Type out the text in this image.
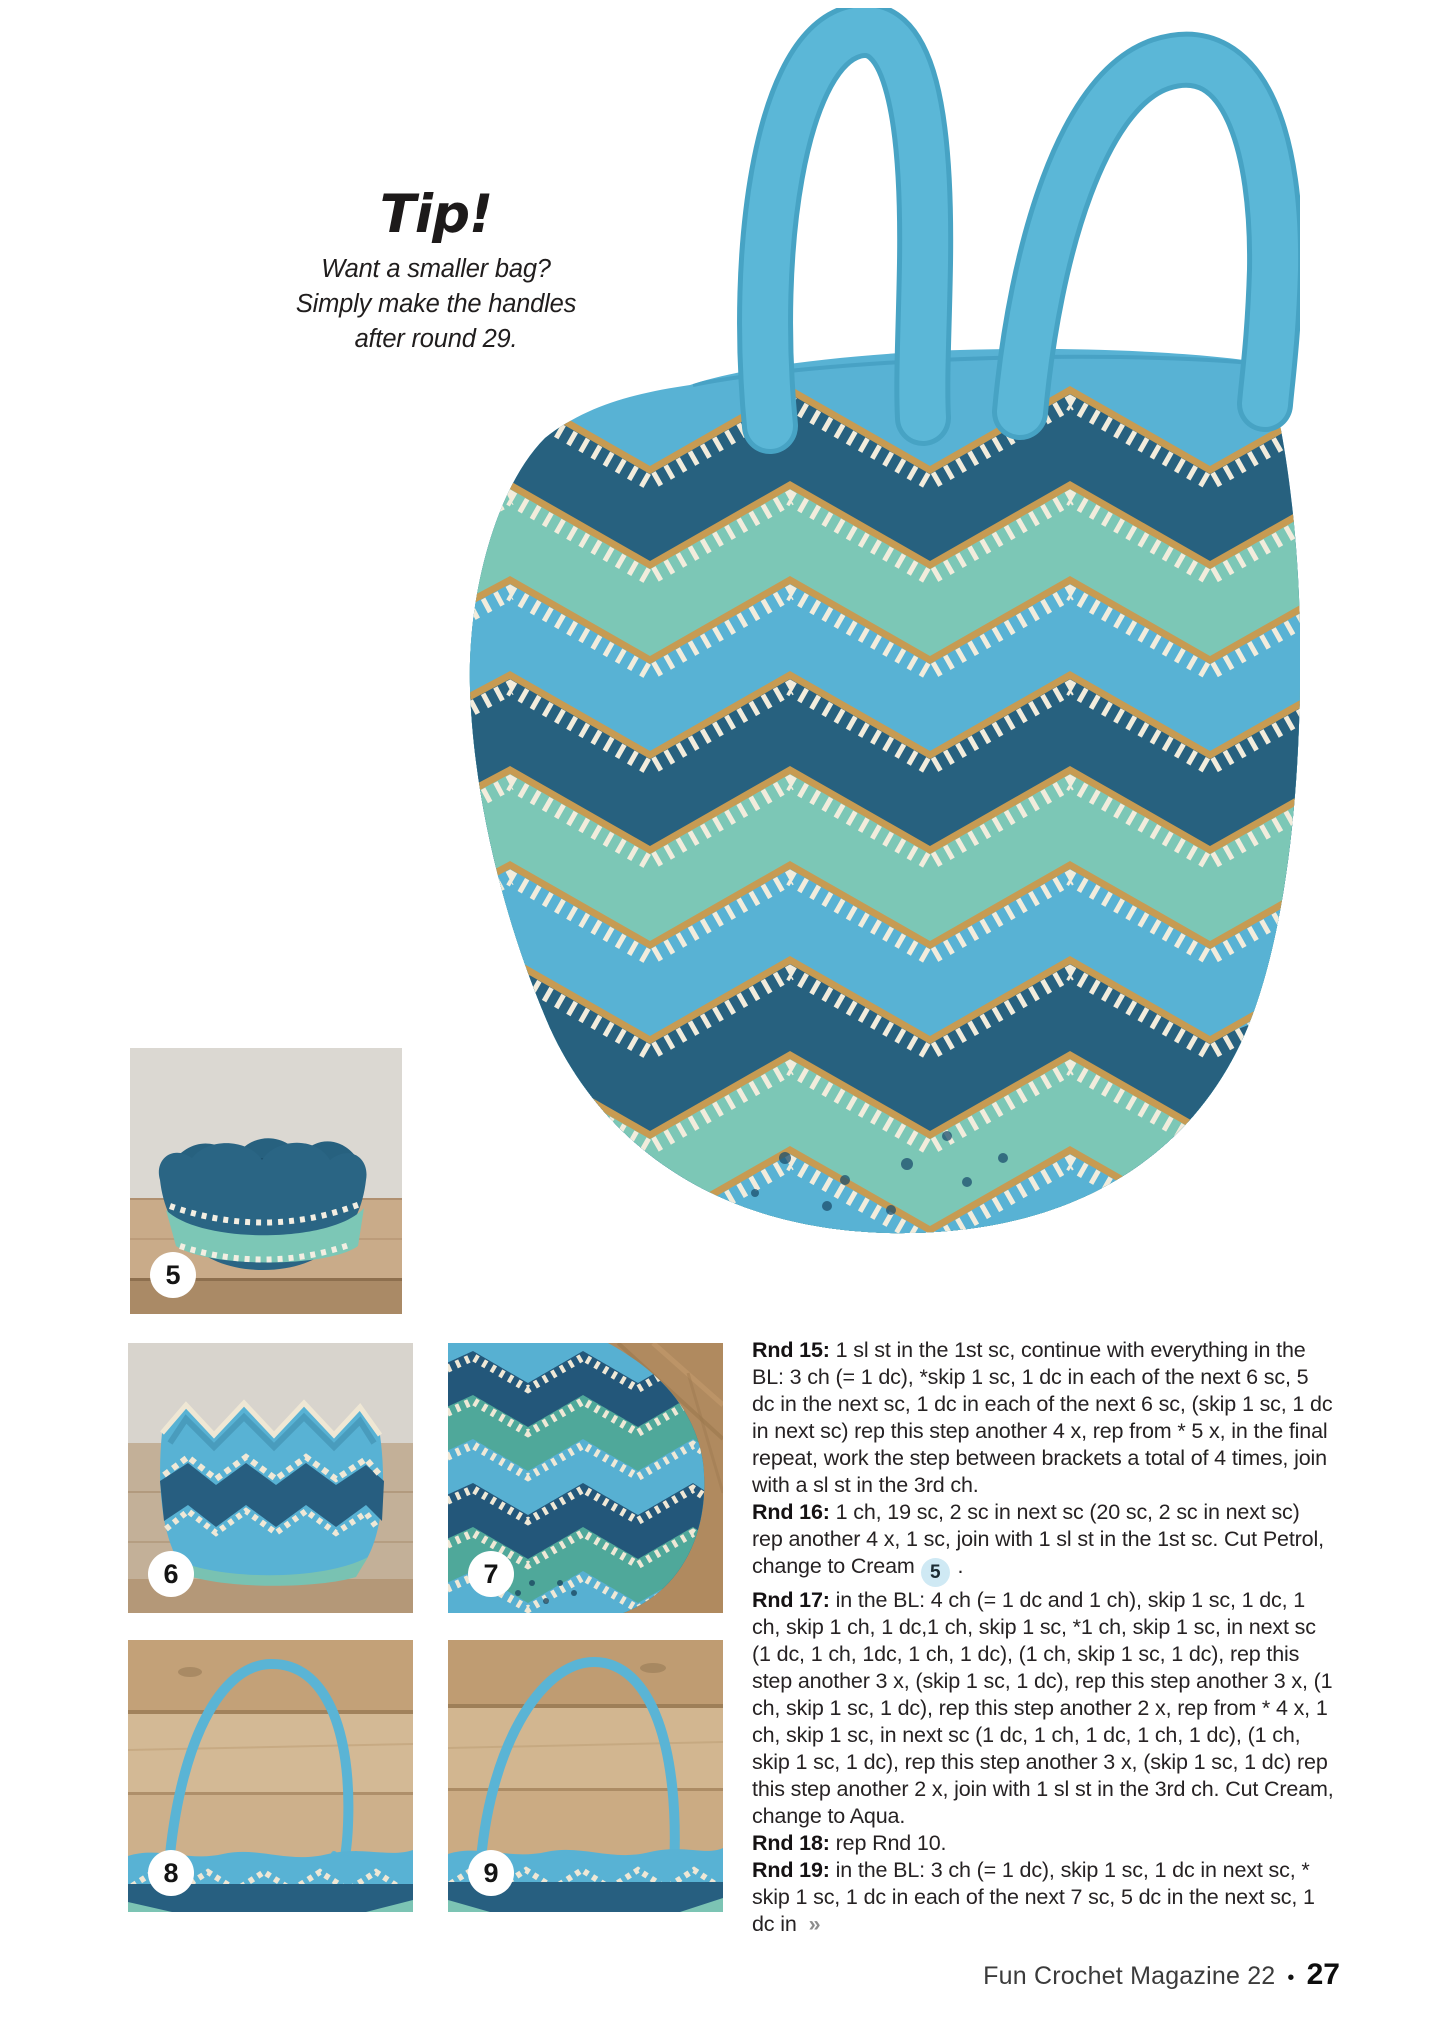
Tip!

Want a smaller bag?

Simply make the handles

after round 29.

5
6	7
8	9

Rnd 15: 1 sl st in the 1st sc, continue with everything in the BL: 3 ch (= 1 dc), *skip 1 sc, 1 dc in each of the next 6 sc, 5 dc in the next sc, 1 dc in each of the next 6 sc, (skip 1 sc, 1 dc in next sc) rep this step another 4 x, rep from * 5 x, in the final repeat, work the step between brackets a total of 4 times, join with a sl st in the 3rd ch.

Rnd 16: 1 ch, 19 sc, 2 sc in next sc (20 sc, 2 sc in next sc) rep another 4 x, 1 sc, join with 1 sl st in the 1st sc. Cut Petrol, change to Cream 5 .

Rnd 17: in the BL: 4 ch (= 1 dc and 1 ch), skip 1 sc, 1 dc, 1 ch, skip 1 ch, 1 dc,1 ch, skip 1 sc, *1 ch, skip 1 sc, in next sc (1 dc, 1 ch, 1dc, 1 ch, 1 dc), (1 ch, skip 1 sc, 1 dc), rep this step another 3 x, (skip 1 sc, 1 dc), rep this step another 3 x, (1 ch, skip 1 sc, 1 dc), rep this step another 2 x, rep from * 4 x, 1 ch, skip 1 sc, in next sc (1 dc, 1 ch, 1 dc, 1 ch, 1 dc), (1 ch, skip 1 sc, 1 dc), rep this step another 3 x, (skip 1 sc, 1 dc) rep this step another 2 x, join with 1 sl st in the 3rd ch. Cut Cream, change to Aqua.

Rnd 18: rep Rnd 10.

Rnd 19: in the BL: 3 ch (= 1 dc), skip 1 sc, 1 dc in next sc, * skip 1 sc, 1 dc in each of the next 7 sc, 5 dc in the next sc, 1 dc in »

Fun Crochet Magazine 22 • 27
